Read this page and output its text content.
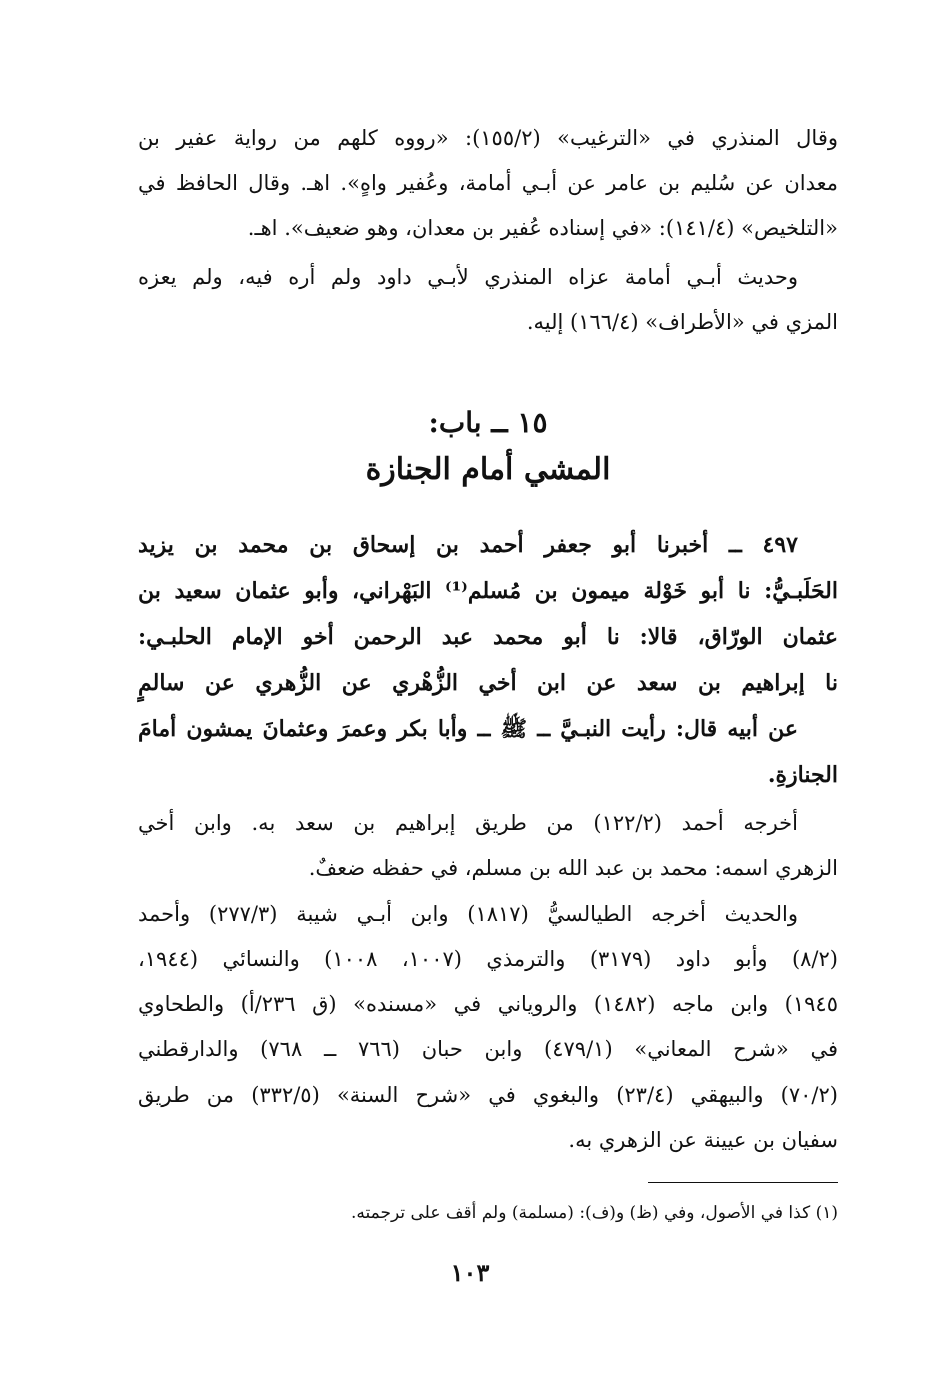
وقال المنذري في «الترغيب» (١٥٥/٢): «رووه كلهم من رواية عفير بن
معدان عن سُليم بن عامر عن أبـي أمامة، وعُفير واهٍ». اهـ. وقال الحافظ في
«التلخيص» (١٤١/٤): «في إسناده عُفير بن معدان، وهو ضعيف». اهـ.
وحديث أبـي أمامة عزاه المنذري لأبـي داود ولم أره فيه، ولم يعزه
المزي في «الأطراف» (١٦٦/٤) إليه.
١٥ ــ باب:
المشي أمام الجنازة
٤٩٧ ــ أخبرنا أبو جعفر أحمد بن إسحاق بن محمد بن يزيد
الحَلَبـيُّ: نا أبو خَوْلة ميمون بن مُسلم⁽¹⁾ البَهْراني، وأبو عثمان سعيد بن
عثمان الورّاق، قالا: نا أبو محمد عبد الرحمن أخو الإمام الحلبـي:
نا إبراهيم بن سعد عن ابن أخي الزُّهْري عن الزُّهري عن سالمٍ
عن أبيه قال: رأيت النبـيَّ ــ ﷺ ــ وأبا بكر وعمرَ وعثمانَ يمشون أمامَ
الجنازةِ.
أخرجه أحمد (١٢٢/٢) من طريق إبراهيم بن سعد به. وابن أخي
الزهري اسمه: محمد بن عبد الله بن مسلم، في حفظه ضعفٌ.
والحديث أخرجه الطيالسيُّ (١٨١٧) وابن أبـي شيبة (٢٧٧/٣) وأحمد
(٨/٢) وأبو داود (٣١٧٩) والترمذي (١٠٠٧، ١٠٠٨) والنسائي (١٩٤٤،
١٩٤٥) وابن ماجه (١٤٨٢) والروياني في «مسنده» (ق ٢٣٦/أ) والطحاوي
في «شرح المعاني» (٤٧٩/١) وابن حبان (٧٦٦ ــ ٧٦٨) والدارقطني
(٧٠/٢) والبيهقي (٢٣/٤) والبغوي في «شرح السنة» (٣٣٢/٥) من طريق
سفيان بن عيينة عن الزهري به.
(١) كذا في الأصول، وفي (ظ) و(ف): (مسلمة) ولم أقف على ترجمته.
١٠٣
